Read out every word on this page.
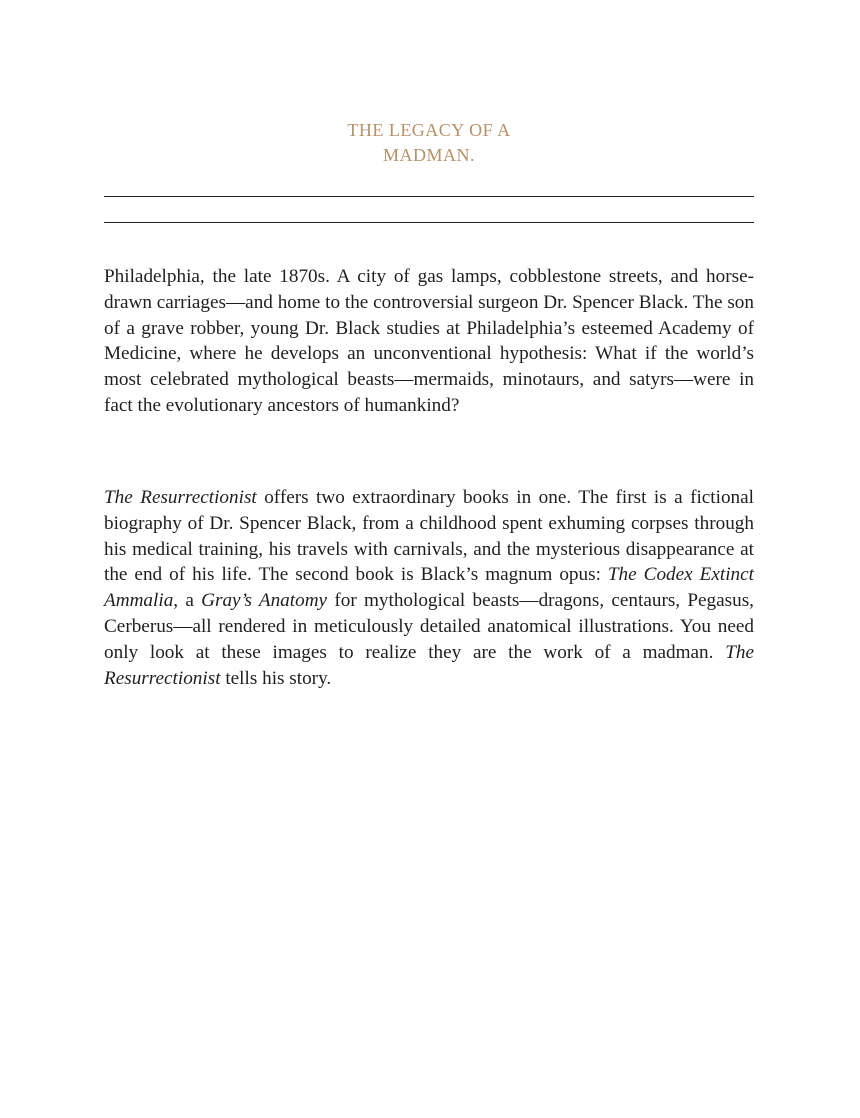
THE LEGACY OF A
MADMAN.

Philadelphia, the late 1870s. A city of gas lamps, cobblestone streets, and horse-drawn carriages—and home to the controversial surgeon Dr. Spencer Black. The son of a grave robber, young Dr. Black studies at Philadelphia’s esteemed Academy of Medicine, where he develops an unconventional hypothesis: What if the world’s most celebrated mythological beasts—mermaids, minotaurs, and satyrs—were in fact the evolutionary ancestors of humankind?

The Resurrectionist offers two extraordinary books in one. The first is a fictional biography of Dr. Spencer Black, from a childhood spent exhuming corpses through his medical training, his travels with carnivals, and the mysterious disappearance at the end of his life. The second book is Black’s magnum opus: The Codex Extinct Ammalia, a Gray’s Anatomy for mythological beasts—dragons, centaurs, Pegasus, Cerberus—all rendered in meticulously detailed anatomical illustrations. You need only look at these images to realize they are the work of a madman. The Resurrectionist tells his story.
